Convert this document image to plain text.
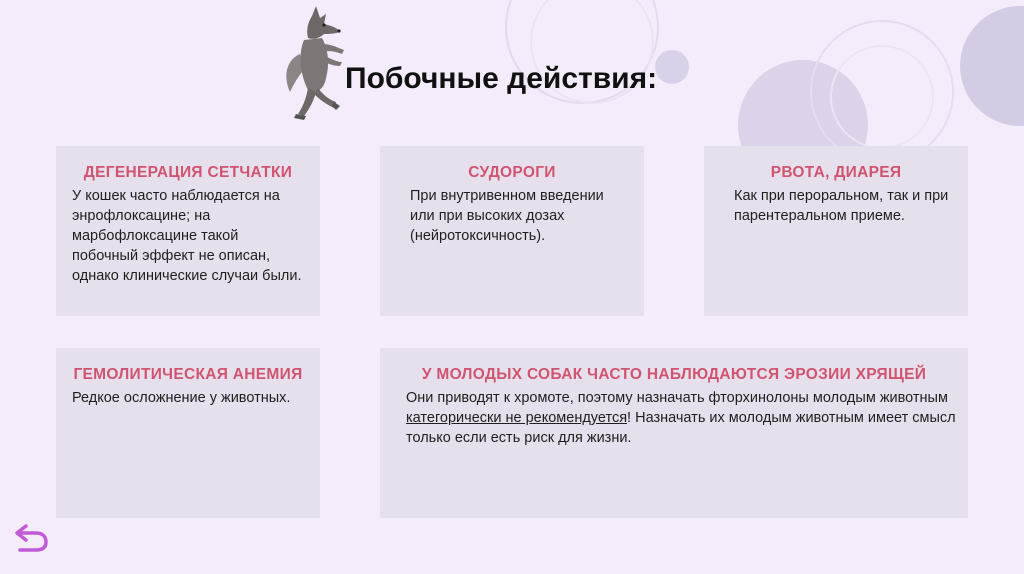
Побочные действия:
ДЕГЕНЕРАЦИЯ СЕТЧАТКИ
У кошек часто наблюдается на энрофлоксацине; на марбофлоксацине такой побочный эффект не описан, однако клинические случаи были.
СУДОРОГИ
При внутривенном введении или при высоких дозах (нейротоксичность).
РВОТА, ДИАРЕЯ
Как при пероральном, так и при парентеральном приеме.
ГЕМОЛИТИЧЕСКАЯ АНЕМИЯ
Редкое осложнение у животных.
У МОЛОДЫХ СОБАК ЧАСТО НАБЛЮДАЮТСЯ ЭРОЗИИ ХРЯЩЕЙ
Они приводят к хромоте, поэтому назначать фторхинолоны молодым животным категорически не рекомендуется! Назначать их молодым животным имеет смысл только если есть риск для жизни.
